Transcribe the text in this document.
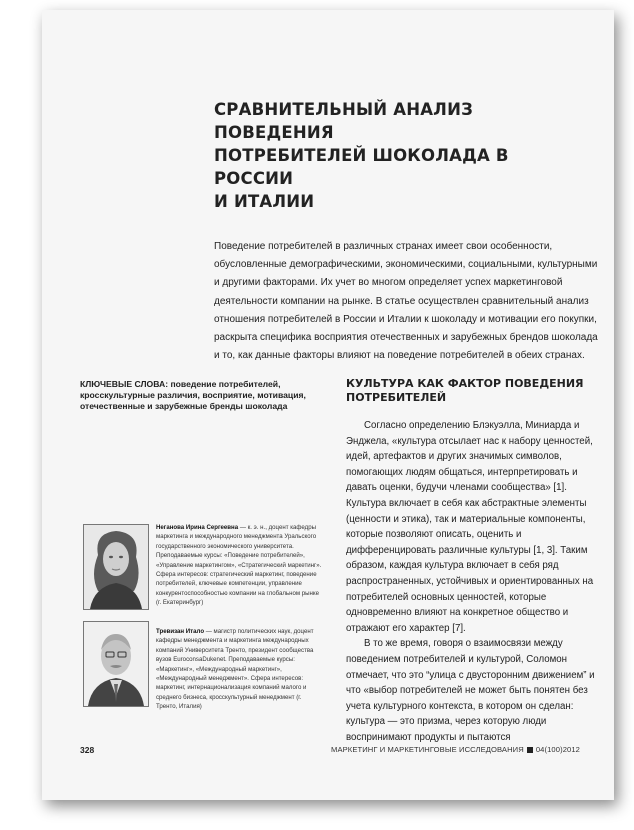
СРАВНИТЕЛЬНЫЙ АНАЛИЗ ПОВЕДЕНИЯ
ПОТРЕБИТЕЛЕЙ ШОКОЛАДА В РОССИИ
И ИТАЛИИ

Поведение потребителей в различных странах имеет свои особенности, обусловленные демографическими, экономическими, социальными, культурными и другими факторами. Их учет во многом определяет успех маркетинговой деятельности компании на рынке. В статье осуществлен сравнительный анализ отношения потребителей в России и Италии к шоколаду и мотивации его покупки, раскрыта специфика восприятия отечественных и зарубежных брендов шоколада и то, как данные факторы влияют на поведение потребителей в обеих странах.

КЛЮЧЕВЫЕ СЛОВА: поведение потребителей, кросскультурные различия, восприятие, мотивация, отечественные и зарубежные бренды шоколада
КУЛЬТУРА КАК ФАКТОР ПОВЕДЕНИЯ ПОТРЕБИТЕЛЕЙ

Согласно определению Блэкуэлла, Миниарда и Энджела, «культура отсылает нас к набору ценностей, идей, артефактов и других значимых символов, помогающих людям общаться, интерпретировать и давать оценки, будучи членами сообщества» [1]. Культура включает в себя как абстрактные элементы (ценности и этика), так и материальные компоненты, которые позволяют описать, оценить и дифференцировать различные культуры [1, 3]. Таким образом, каждая культура включает в себя ряд распространенных, устойчивых и ориентированных на потребителей основных ценностей, которые одновременно влияют на конкретное общество и отражают его характер [7].

В то же время, говоря о взаимосвязи между поведением потребителей и культурой, Соломон отмечает, что это “улица с двусторонним движением” и что «выбор потребителей не может быть понятен без учета культурного контекста, в котором он сделан: культура — это призма, через которую люди воспринимают продукты и пытаются

Неганова Ирина Сергеевна — к. э. н., доцент кафедры маркетинга и международного менеджмента Уральского государственного экономического университета. Преподаваемые курсы: «Поведение потребителей», «Управление маркетингом», «Стратегический маркетинг». Сфера интересов: стратегический маркетинг, поведение потребителей, ключевые компетенции, управление конкурентоспособностью компании на глобальном рынке (г. Екатеринбург)
Тревизан Итало — магистр политических наук, доцент кафедры менеджмента и маркетинга международных компаний Университета Тренто, президент сообщества вузов EuroconsaDukenet. Преподаваемые курсы: «Маркетинг», «Международный маркетинг», «Международный менеджмент». Сфера интересов: маркетинг, интернационализация компаний малого и среднего бизнеса, кросскультурный менеджмент (г. Тренто, Италия)
328	МАРКЕТИНГ И МАРКЕТИНГОВЫЕ ИССЛЕДОВАНИЯ 04(100)2012
